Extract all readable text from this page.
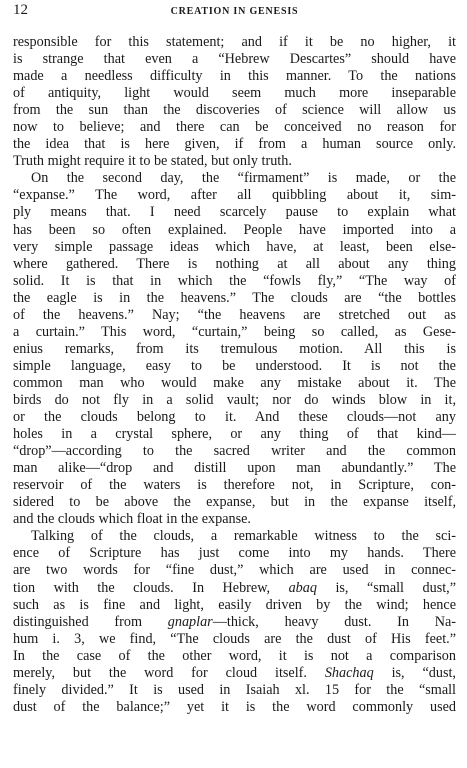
12	CREATION IN GENESIS

responsible for this statement; and if it be no higher, it
is strange that even a “Hebrew Descartes” should have
made a needless difficulty in this manner. To the nations
of antiquity, light would seem much more inseparable
from the sun than the discoveries of science will allow us
now to believe; and there can be conceived no reason for
the idea that is here given, if from a human source only.
Truth might require it to be stated, but only truth.

On the second day, the “firmament” is made, or the
“expanse.” The word, after all quibbling about it, sim-
ply means that. I need scarcely pause to explain what
has been so often explained. People have imported into a
very simple passage ideas which have, at least, been else-
where gathered. There is nothing at all about any thing
solid. It is that in which the “fowls fly,” “The way of
the eagle is in the heavens.” The clouds are “the bottles
of the heavens.” Nay; “the heavens are stretched out as
a curtain.” This word, “curtain,” being so called, as Gese-
enius remarks, from its tremulous motion. All this is
simple language, easy to be understood. It is not the
common man who would make any mistake about it. The
birds do not fly in a solid vault; nor do winds blow in it,
or the clouds belong to it. And these clouds—not any
holes in a crystal sphere, or any thing of that kind—
“drop”—according to the sacred writer and the common
man alike—“drop and distill upon man abundantly.” The
reservoir of the waters is therefore not, in Scripture, con-
sidered to be above the expanse, but in the expanse itself,
and the clouds which float in the expanse.

Talking of the clouds, a remarkable witness to the sci-
ence of Scripture has just come into my hands. There
are two words for “fine dust,” which are used in connec-
tion with the clouds. In Hebrew, abaq is, “small dust,”
such as is fine and light, easily driven by the wind; hence
distinguished from gnaplar—thick, heavy dust. In Na-
hum i. 3, we find, “The clouds are the dust of His feet.”
In the case of the other word, it is not a comparison
merely, but the word for cloud itself. Shachaq is, “dust,
finely divided.” It is used in Isaiah xl. 15 for the “small
dust of the balance;” yet it is the word commonly used
